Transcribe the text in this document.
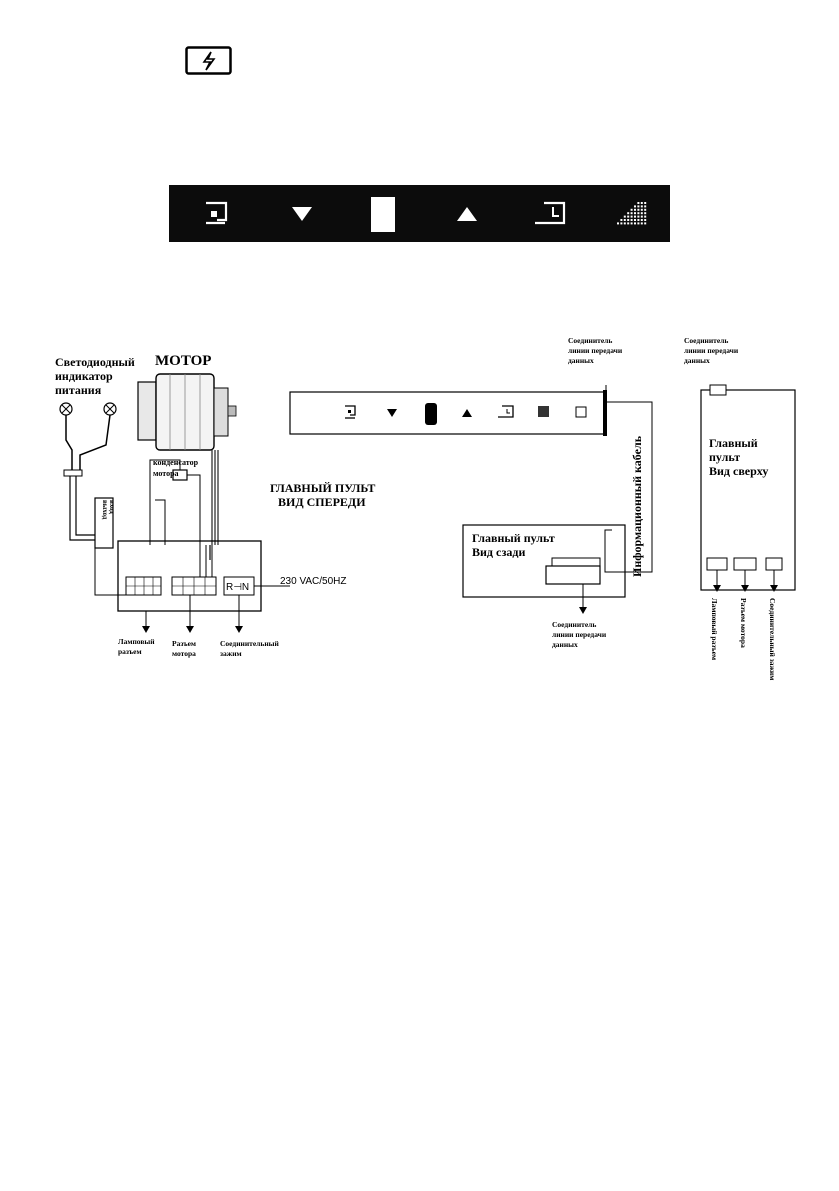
выход вход
R⊣N
230 VAC/50HZ
Светодиодный
индикатор
питания
МОТОР
конденсатор
мотора
ГЛАВНЫЙ ПУЛЬТ
ВИД СПЕРЕДИ
Ламповый
разъем
Разъем
мотора
Соединительный
зажим
Информационный кабель
Главный пульт
Вид сзади
Соединитель
линии передачи
данных
Соединитель
линии передачи
данных
Соединитель
линии передачи
данных
Главный
пульт
Вид сверху
Ламповый разъем	Разъем мотора	Соединительный зажим
